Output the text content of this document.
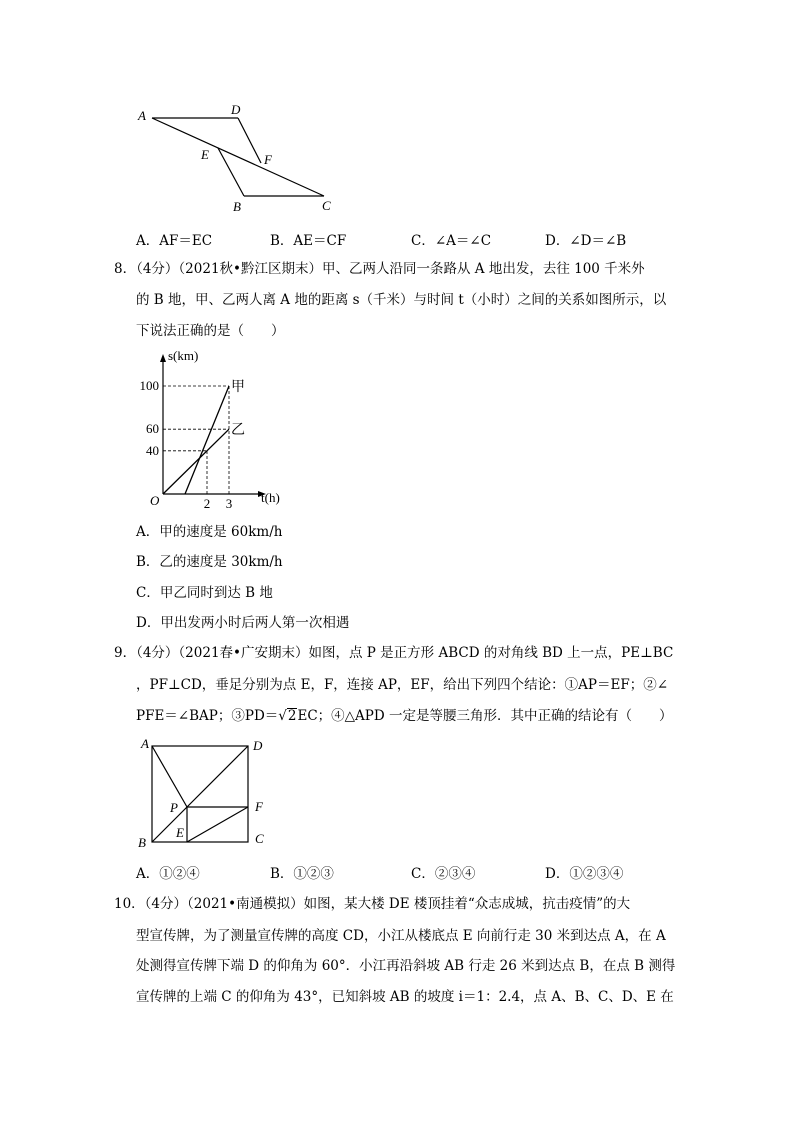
A	D
E	F
B	C
A．AF＝EC	B．AE＝CF	C．∠A＝∠C	D．∠D＝∠B
8．（4分）（2021秋•黔江区期末）甲、乙两人沿同一条路从 A 地出发，去往 100 千米外
的 B 地，甲、乙两人离 A 地的距离 s（千米）与时间 t（小时）之间的关系如图所示，以
下说法正确的是（　　）
s(km)
t(h)
O
40
60
100
2 3
甲
乙
A．甲的速度是 60km/h
B．乙的速度是 30km/h
C．甲乙同时到达 B 地
D．甲出发两小时后两人第一次相遇
9．（4分）（2021春•广安期末）如图，点 P 是正方形 ABCD 的对角线 BD 上一点，PE⊥BC
，PF⊥CD，垂足分别为点 E，F，连接 AP，EF，给出下列四个结论：①AP＝EF；②∠
PFE＝∠BAP；③PD＝√2EC；④△APD 一定是等腰三角形．其中正确的结论有（　　）
A	D
P	F
E
B	C
A．①②④	B．①②③	C．②③④	D．①②③④
10．（4分）（2021•南通模拟）如图，某大楼 DE 楼顶挂着“众志成城，抗击疫情”的大
型宣传牌，为了测量宣传牌的高度 CD，小江从楼底点 E 向前行走 30 米到达点 A，在 A
处测得宣传牌下端 D 的仰角为 60°．小江再沿斜坡 AB 行走 26 米到达点 B，在点 B 测得
宣传牌的上端 C 的仰角为 43°，已知斜坡 AB 的坡度 i＝1：2.4，点 A、B、C、D、E 在
